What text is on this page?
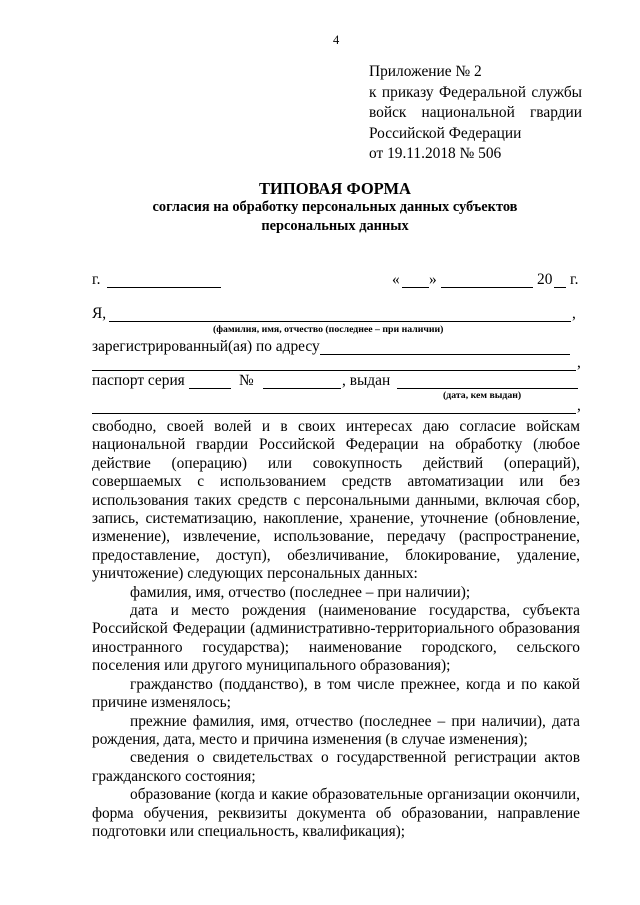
4
Приложение № 2
к приказу Федеральной службы
войск национальной гвардии
Российской Федерации
от 19.11.2018 № 506
ТИПОВАЯ ФОРМА
согласия на обработку персональных данных субъектов
персональных данных
г.	« »	20 г.
Я,	,
(фамилия, имя, отчество (последнее – при наличии)
зарегистрированный(ая) по адресу
,
паспорт серия	№	, выдан
(дата, кем выдан)
,

свободно, своей волей и в своих интересах даю согласие войскам национальной гвардии Российской Федерации на обработку (любое действие (операцию) или совокупность действий (операций), совершаемых с использованием средств автоматизации или без использования таких средств с персональными данными, включая сбор, запись, систематизацию, накопление, хранение, уточнение (обновление, изменение), извлечение, использование, передачу (распространение, предоставление, доступ), обезличивание, блокирование, удаление, уничтожение) следующих персональных данных:

фамилия, имя, отчество (последнее – при наличии);

дата и место рождения (наименование государства, субъекта Российской Федерации (административно-территориального образования иностранного государства); наименование городского, сельского поселения или другого муниципального образования);

гражданство (подданство), в том числе прежнее, когда и по какой причине изменялось;

прежние фамилия, имя, отчество (последнее – при наличии), дата рождения, дата, место и причина изменения (в случае изменения);

сведения о свидетельствах о государственной регистрации актов гражданского состояния;

образование (когда и какие образовательные организации окончили, форма обучения, реквизиты документа об образовании, направление подготовки или специальность, квалификация);
